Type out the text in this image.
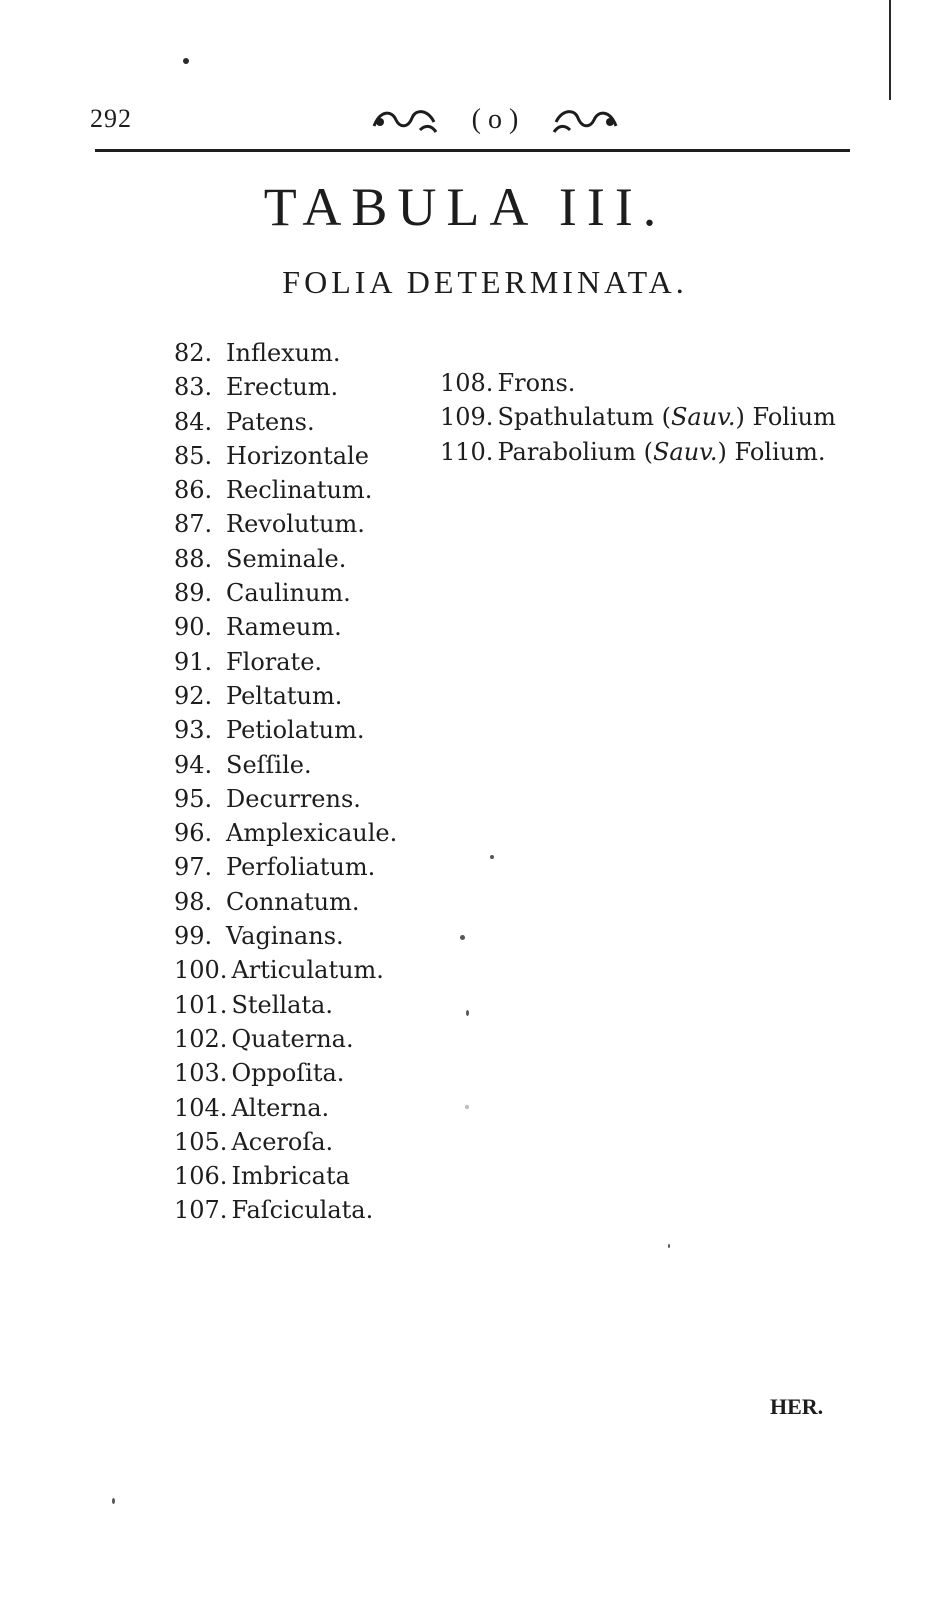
292	( o )
TABULA III.
FOLIA DETERMINATA.
82. Inflexum.
83. Erectum.
84. Patens.
85. Horizontale
86. Reclinatum.
87. Revolutum.
88. Seminale.
89. Caulinum.
90. Rameum.
91. Florate.
92. Peltatum.
93. Petiolatum.
94. Seſſile.
95. Decurrens.
96. Amplexicaule.
97. Perfoliatum.
98. Connatum.
99. Vaginans.
100. Articulatum.
101. Stellata.
102. Quaterna.
103. Oppoſita.
104. Alterna.
105. Aceroſa.
106. Imbricata
107. Faſciculata.
108. Frons.
109. Spathulatum (Sauv.) Folium
110. Parabolium (Sauv.) Folium.
HER.
